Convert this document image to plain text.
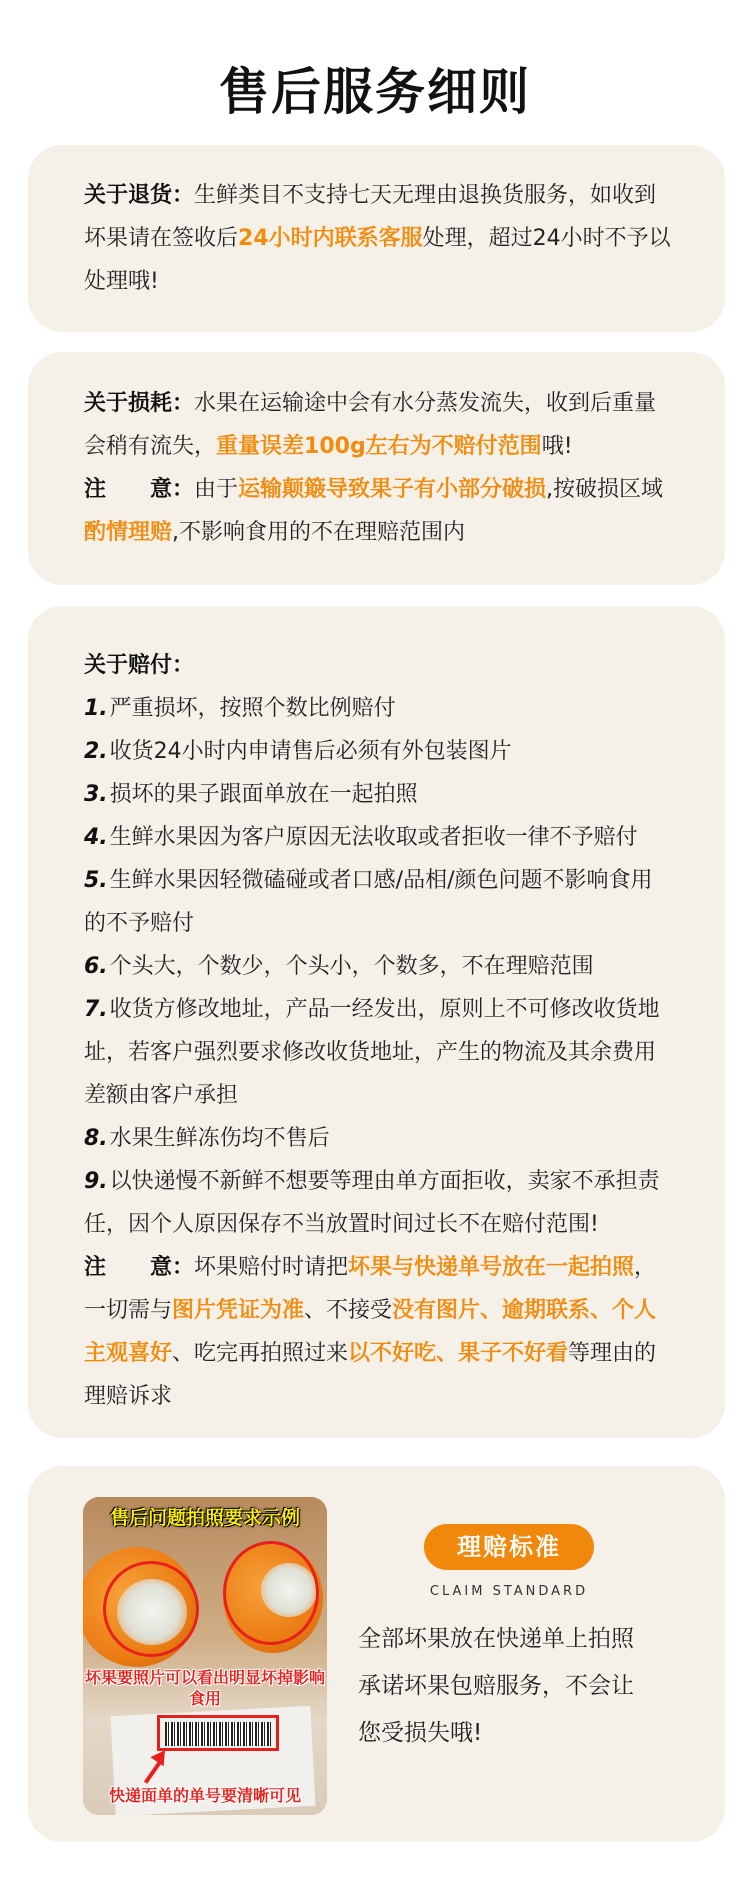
售后服务细则
关于退货：生鲜类目不支持七天无理由退换货服务，如收到坏果请在签收后24小时内联系客服处理，超过24小时不予以处理哦!
关于损耗：水果在运输途中会有水分蒸发流失，收到后重量会稍有流失，重量误差100g左右为不赔付范围哦!
注　　意：由于运输颠簸导致果子有小部分破损,按破损区域酌情理赔,不影响食用的不在理赔范围内
关于赔付：
1.严重损坏，按照个数比例赔付
2.收货24小时内申请售后必须有外包装图片
3.损坏的果子跟面单放在一起拍照
4.生鲜水果因为客户原因无法收取或者拒收一律不予赔付
5.生鲜水果因轻微磕碰或者口感/品相/颜色问题不影响食用的不予赔付
6.个头大，个数少，个头小，个数多，不在理赔范围
7.收货方修改地址，产品一经发出，原则上不可修改收货地址，若客户强烈要求修改收货地址，产生的物流及其余费用差额由客户承担
8.水果生鲜冻伤均不售后
9.以快递慢不新鲜不想要等理由单方面拒收，卖家不承担责任，因个人原因保存不当放置时间过长不在赔付范围!
注　　意：坏果赔付时请把坏果与快递单号放在一起拍照，一切需与图片凭证为准、不接受没有图片、逾期联系、个人主观喜好、吃完再拍照过来以不好吃、果子不好看等理由的理赔诉求
售后问题拍照要求示例
坏果要照片可以看出明显坏掉影响食用
快递面单的单号要清晰可见
理赔标准
CLAIM STANDARD
全部坏果放在快递单上拍照
承诺坏果包赔服务，不会让
您受损失哦!
